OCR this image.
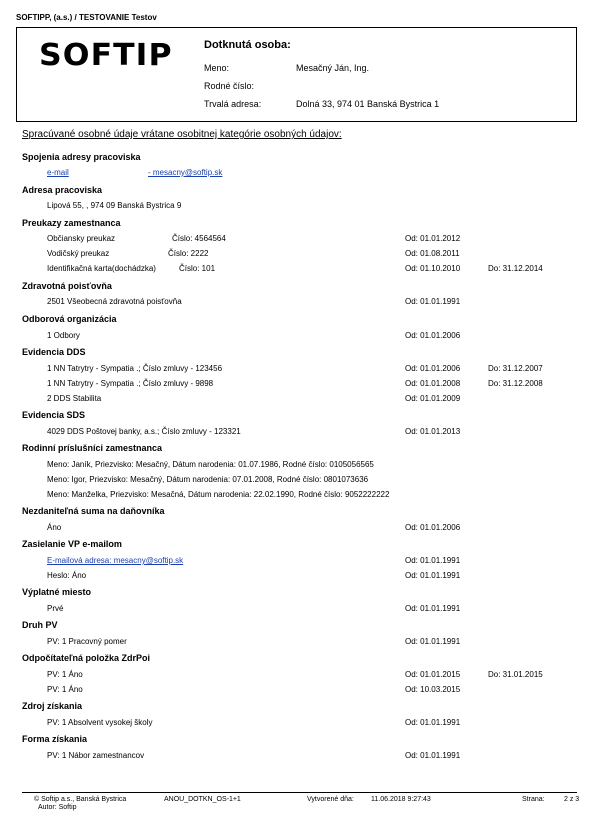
SOFTIPP, (a.s.) / TESTOVANIE Testov
SOFTIP	Dotknutá osoba:
Meno:	Mesačný Ján, Ing.
Rodné číslo:
Trvalá adresa:	Dolná 33, 974 01 Banská Bystrica 1
Spracúvané osobné údaje vrátane osobitnej kategórie osobných údajov:
Spojenia adresy pracoviska
e-mail	- mesacny@softip.sk
Adresa pracoviska
Lipová 55, , 974 09 Banská Bystrica 9
Preukazy zamestnanca
Občiansky preukaz	Číslo: 4564564	Od: 01.01.2012
Vodičský preukaz	Číslo: 2222	Od: 01.08.2011
Identifikačná karta(dochádzka)	Číslo: 101	Od: 01.10.2010	Do: 31.12.2014
Zdravotná poisťovňa
2501 Všeobecná zdravotná poisťovňa	Od: 01.01.1991
Odborová organizácia
1 Odbory	Od: 01.01.2006
Evidencia DDS
1 NN Tatrytry - Sympatia .; Číslo zmluvy - 123456	Od: 01.01.2006	Do: 31.12.2007
1 NN Tatrytry - Sympatia .; Číslo zmluvy - 9898	Od: 01.01.2008	Do: 31.12.2008
2 DDS Stabilita	Od: 01.01.2009
Evidencia SDS
4029 DDS Poštovej banky, a.s.; Číslo zmluvy - 123321	Od: 01.01.2013
Rodinní príslušníci zamestnanca
Meno: Janík, Priezvisko: Mesačný, Dátum narodenia: 01.07.1986, Rodné číslo: 0105056565
Meno: Igor, Priezvisko: Mesačný, Dátum narodenia: 07.01.2008, Rodné číslo: 0801073636
Meno: Manželka, Priezvisko: Mesačná, Dátum narodenia: 22.02.1990, Rodné číslo: 9052222222
Nezdaniteľná suma na daňovníka
Áno	Od: 01.01.2006
Zasielanie VP e-mailom
E-mailová adresa: mesacny@softip.sk	Od: 01.01.1991
Heslo: Áno	Od: 01.01.1991
Výplatné miesto
Prvé	Od: 01.01.1991
Druh PV
PV: 1 Pracovný pomer	Od: 01.01.1991
Odpočítateľná položka ZdrPoi
PV: 1 Áno	Od: 01.01.2015	Do: 31.01.2015
PV: 1 Áno	Od: 10.03.2015
Zdroj získania
PV: 1 Absolvent vysokej školy	Od: 01.01.1991
Forma získania
PV: 1 Nábor zamestnancov	Od: 01.01.1991
© Softip a.s., Banská Bystrica
Autor: Softip
ANOU_DOTKN_OS-1+1	Vytvorené dňa: 11.06.2018 9:27:43	Strana:	2 z 3
